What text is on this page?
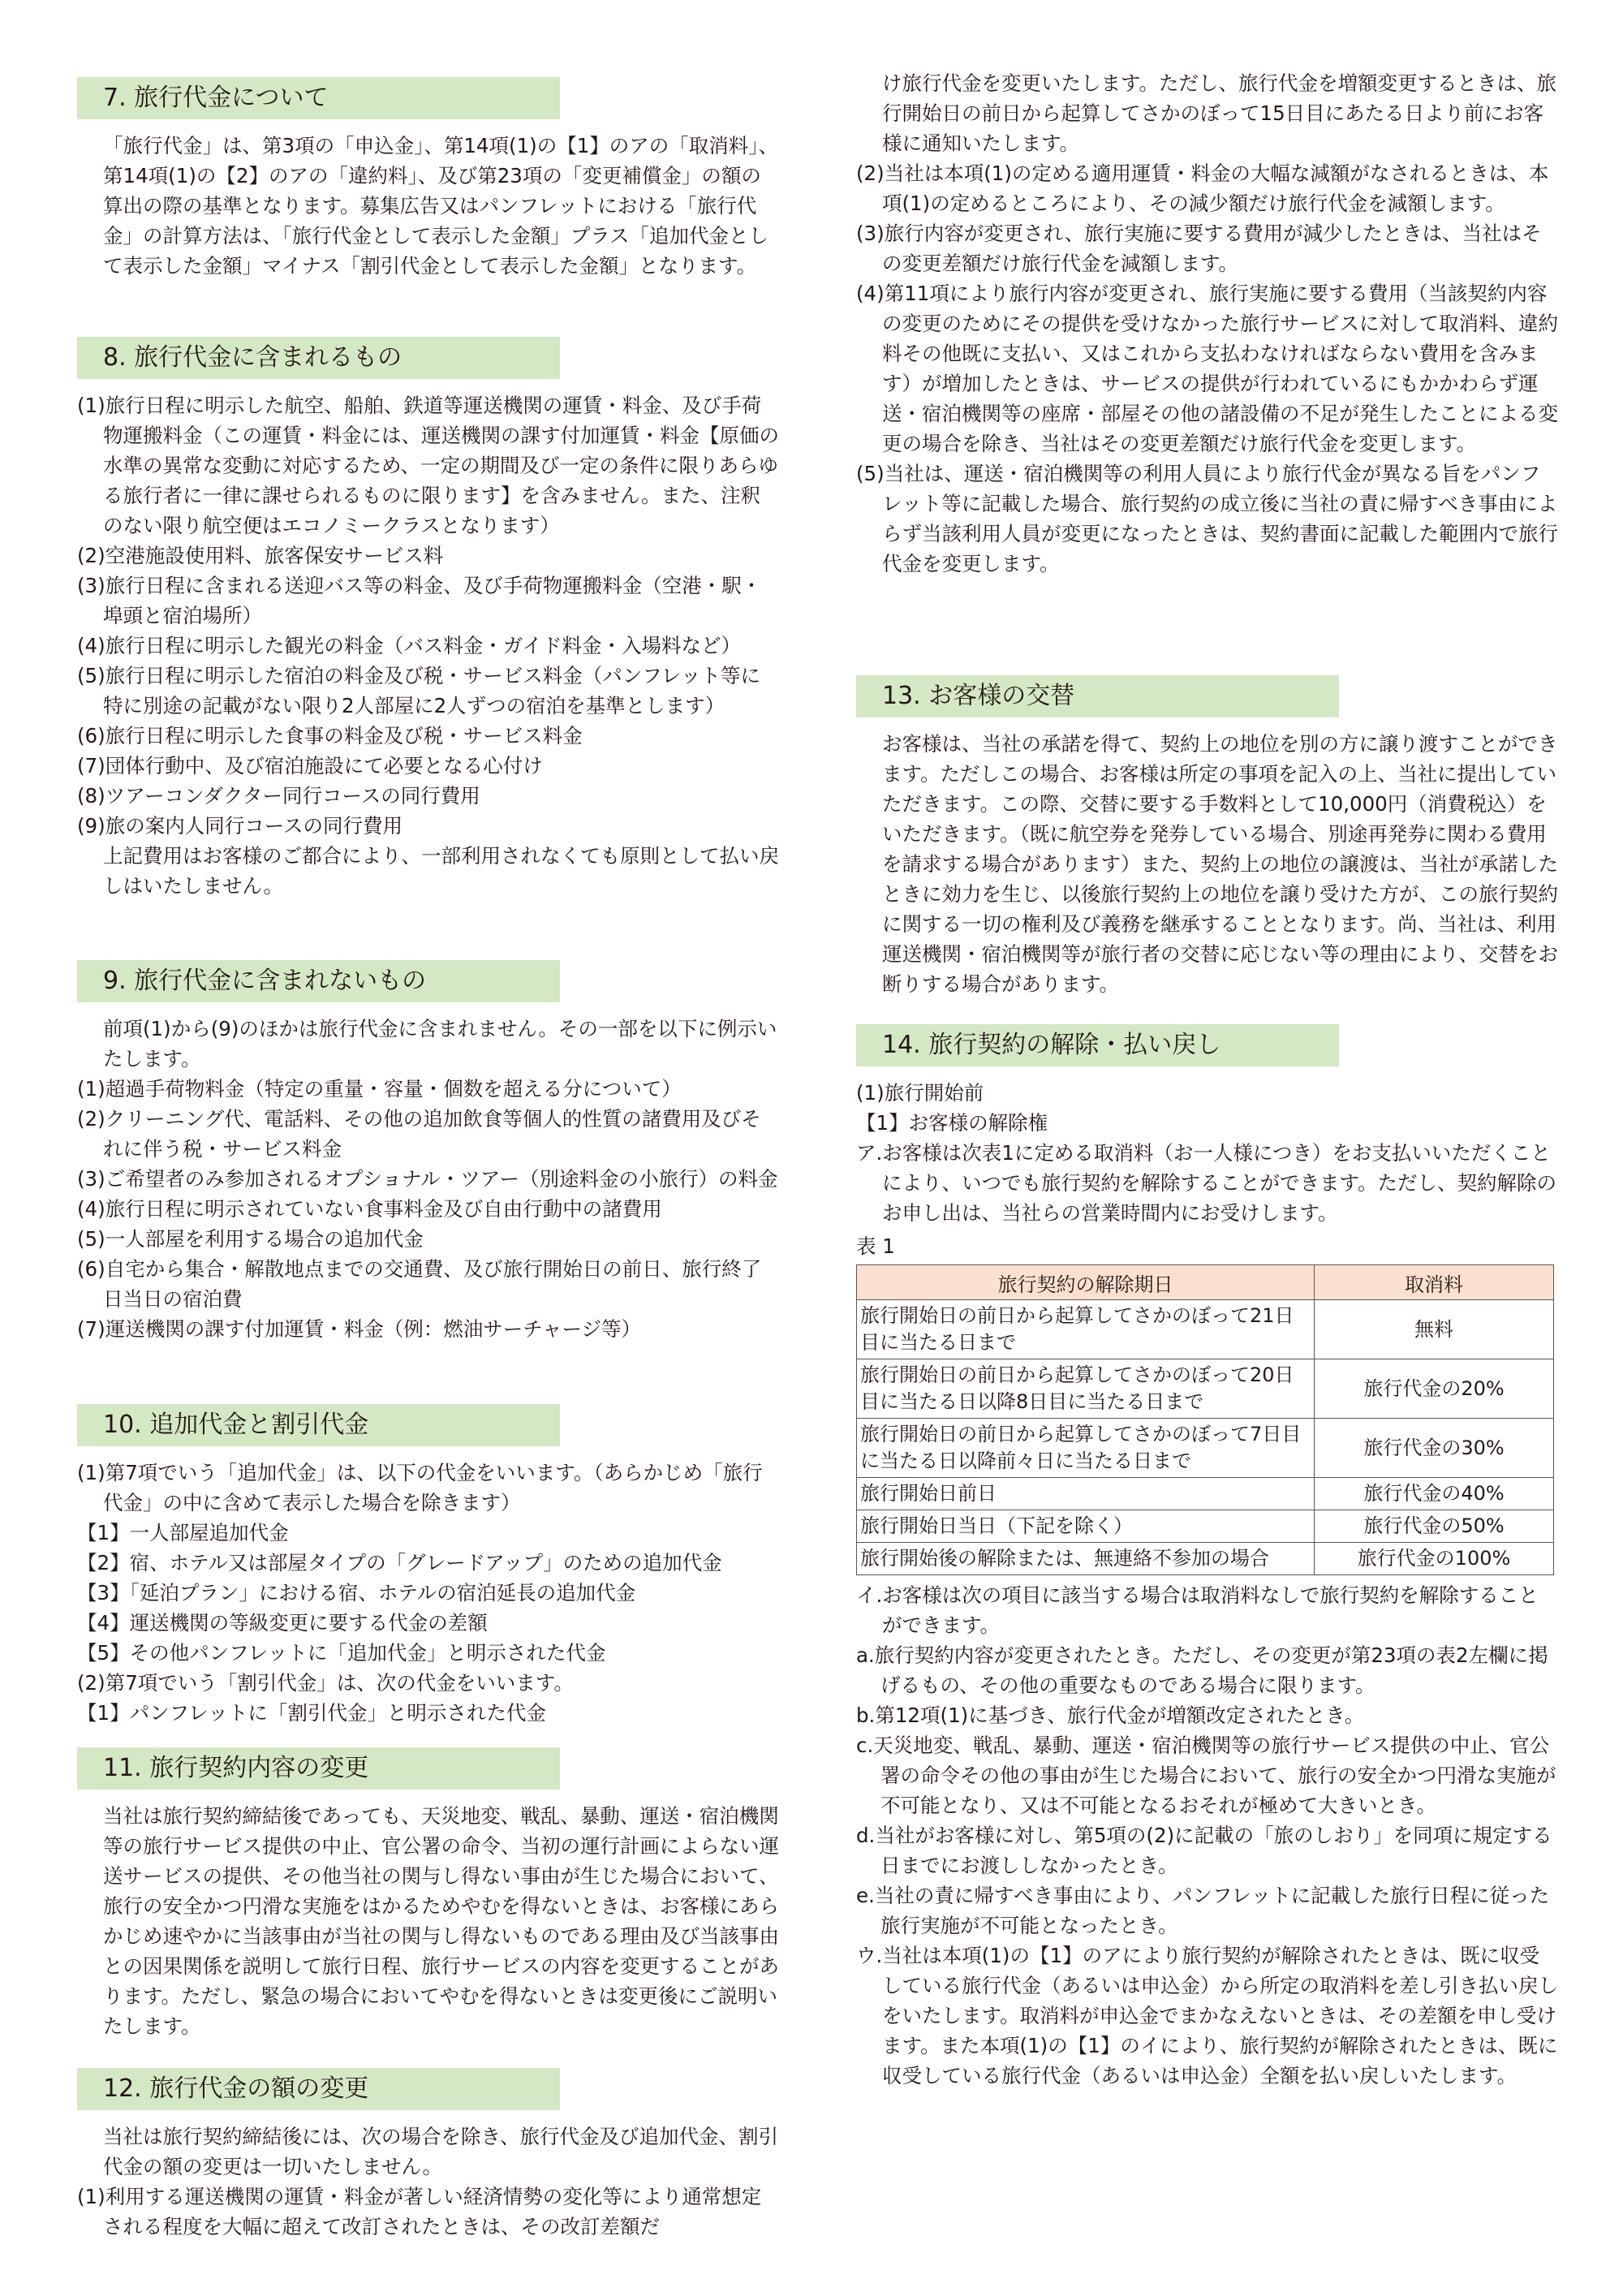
7. 旅行代金について

「旅行代金」は、第3項の「申込金」、第14項(1)の【1】のアの「取消料」、第14項(1)の【2】のアの「違約料」、及び第23項の「変更補償金」の額の算出の際の基準となります。募集広告又はパンフレットにおける「旅行代金」の計算方法は、「旅行代金として表示した金額」プラス「追加代金として表示した金額」マイナス「割引代金として表示した金額」となります。

8. 旅行代金に含まれるもの

(1)旅行日程に明示した航空、船舶、鉄道等運送機関の運賃・料金、及び手荷物運搬料金（この運賃・料金には、運送機関の課す付加運賃・料金【原価の水準の異常な変動に対応するため、一定の期間及び一定の条件に限りあらゆる旅行者に一律に課せられるものに限ります】を含みません。また、注釈のない限り航空便はエコノミークラスとなります）

(2)空港施設使用料、旅客保安サービス料

(3)旅行日程に含まれる送迎バス等の料金、及び手荷物運搬料金（空港・駅・埠頭と宿泊場所）

(4)旅行日程に明示した観光の料金（バス料金・ガイド料金・入場料など）

(5)旅行日程に明示した宿泊の料金及び税・サービス料金（パンフレット等に特に別途の記載がない限り2人部屋に2人ずつの宿泊を基準とします）

(6)旅行日程に明示した食事の料金及び税・サービス料金

(7)団体行動中、及び宿泊施設にて必要となる心付け

(8)ツアーコンダクター同行コースの同行費用

(9)旅の案内人同行コースの同行費用

上記費用はお客様のご都合により、一部利用されなくても原則として払い戻しはいたしません。

9. 旅行代金に含まれないもの

前項(1)から(9)のほかは旅行代金に含まれません。その一部を以下に例示いたします。

(1)超過手荷物料金（特定の重量・容量・個数を超える分について）

(2)クリーニング代、電話料、その他の追加飲食等個人的性質の諸費用及びそれに伴う税・サービス料金

(3)ご希望者のみ参加されるオプショナル・ツアー（別途料金の小旅行）の料金

(4)旅行日程に明示されていない食事料金及び自由行動中の諸費用

(5)一人部屋を利用する場合の追加代金

(6)自宅から集合・解散地点までの交通費、及び旅行開始日の前日、旅行終了日当日の宿泊費

(7)運送機関の課す付加運賃・料金（例：燃油サーチャージ等）

10. 追加代金と割引代金

(1)第7項でいう「追加代金」は、以下の代金をいいます。（あらかじめ「旅行代金」の中に含めて表示した場合を除きます）

【1】一人部屋追加代金

【2】宿、ホテル又は部屋タイプの「グレードアップ」のための追加代金

【3】「延泊プラン」における宿、ホテルの宿泊延長の追加代金

【4】運送機関の等級変更に要する代金の差額

【5】その他パンフレットに「追加代金」と明示された代金

(2)第7項でいう「割引代金」は、次の代金をいいます。

【1】パンフレットに「割引代金」と明示された代金

11. 旅行契約内容の変更

当社は旅行契約締結後であっても、天災地変、戦乱、暴動、運送・宿泊機関等の旅行サービス提供の中止、官公署の命令、当初の運行計画によらない運送サービスの提供、その他当社の関与し得ない事由が生じた場合において、旅行の安全かつ円滑な実施をはかるためやむを得ないときは、お客様にあらかじめ速やかに当該事由が当社の関与し得ないものである理由及び当該事由との因果関係を説明して旅行日程、旅行サービスの内容を変更することがあります。ただし、緊急の場合においてやむを得ないときは変更後にご説明いたします。

12. 旅行代金の額の変更

当社は旅行契約締結後には、次の場合を除き、旅行代金及び追加代金、割引代金の額の変更は一切いたしません。

(1)利用する運送機関の運賃・料金が著しい経済情勢の変化等により通常想定される程度を大幅に超えて改訂されたときは、その改訂差額だ

け旅行代金を変更いたします。ただし、旅行代金を増額変更するときは、旅行開始日の前日から起算してさかのぼって15日目にあたる日より前にお客様に通知いたします。

(2)当社は本項(1)の定める適用運賃・料金の大幅な減額がなされるときは、本項(1)の定めるところにより、その減少額だけ旅行代金を減額します。

(3)旅行内容が変更され、旅行実施に要する費用が減少したときは、当社はその変更差額だけ旅行代金を減額します。

(4)第11項により旅行内容が変更され、旅行実施に要する費用（当該契約内容の変更のためにその提供を受けなかった旅行サービスに対して取消料、違約料その他既に支払い、又はこれから支払わなければならない費用を含みます）が増加したときは、サービスの提供が行われているにもかかわらず運送・宿泊機関等の座席・部屋その他の諸設備の不足が発生したことによる変更の場合を除き、当社はその変更差額だけ旅行代金を変更します。

(5)当社は、運送・宿泊機関等の利用人員により旅行代金が異なる旨をパンフレット等に記載した場合、旅行契約の成立後に当社の責に帰すべき事由によらず当該利用人員が変更になったときは、契約書面に記載した範囲内で旅行代金を変更します。

13. お客様の交替

お客様は、当社の承諾を得て、契約上の地位を別の方に譲り渡すことができます。ただしこの場合、お客様は所定の事項を記入の上、当社に提出していただきます。この際、交替に要する手数料として10,000円（消費税込）をいただきます。（既に航空券を発券している場合、別途再発券に関わる費用を請求する場合があります）また、契約上の地位の譲渡は、当社が承諾したときに効力を生じ、以後旅行契約上の地位を譲り受けた方が、この旅行契約に関する一切の権利及び義務を継承することとなります。尚、当社は、利用運送機関・宿泊機関等が旅行者の交替に応じない等の理由により、交替をお断りする場合があります。

14. 旅行契約の解除・払い戻し

(1)旅行開始前

【1】お客様の解除権

ア.お客様は次表1に定める取消料（お一人様につき）をお支払いいただくことにより、いつでも旅行契約を解除することができます。ただし、契約解除のお申し出は、当社らの営業時間内にお受けします。

表 1
旅行契約の解除期日	取消料
旅行開始日の前日から起算してさかのぼって21日目に当たる日まで	無料
旅行開始日の前日から起算してさかのぼって20日目に当たる日以降8日目に当たる日まで	旅行代金の20%
旅行開始日の前日から起算してさかのぼって7日目に当たる日以降前々日に当たる日まで	旅行代金の30%
旅行開始日前日	旅行代金の40%
旅行開始日当日（下記を除く）	旅行代金の50%
旅行開始後の解除または、無連絡不参加の場合	旅行代金の100%

イ.お客様は次の項目に該当する場合は取消料なしで旅行契約を解除することができます。

a.旅行契約内容が変更されたとき。ただし、その変更が第23項の表2左欄に掲げるもの、その他の重要なものである場合に限ります。

b.第12項(1)に基づき、旅行代金が増額改定されたとき。

c.天災地変、戦乱、暴動、運送・宿泊機関等の旅行サービス提供の中止、官公署の命令その他の事由が生じた場合において、旅行の安全かつ円滑な実施が不可能となり、又は不可能となるおそれが極めて大きいとき。

d.当社がお客様に対し、第5項の(2)に記載の「旅のしおり」を同項に規定する日までにお渡ししなかったとき。

e.当社の責に帰すべき事由により、パンフレットに記載した旅行日程に従った旅行実施が不可能となったとき。

ウ.当社は本項(1)の【1】のアにより旅行契約が解除されたときは、既に収受している旅行代金（あるいは申込金）から所定の取消料を差し引き払い戻しをいたします。取消料が申込金でまかなえないときは、その差額を申し受けます。また本項(1)の【1】のイにより、旅行契約が解除されたときは、既に収受している旅行代金（あるいは申込金）全額を払い戻しいたします。
